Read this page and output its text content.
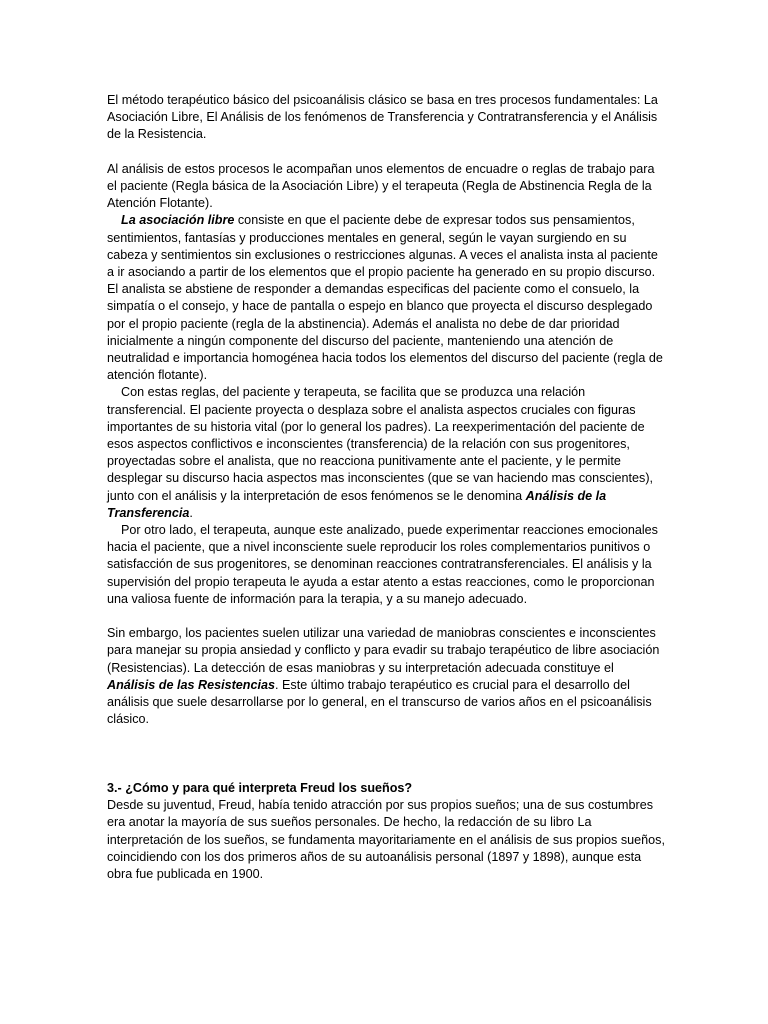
El método terapéutico básico del psicoanálisis clásico se basa en tres procesos fundamentales: La Asociación Libre, El Análisis de los fenómenos de Transferencia y Contratransferencia y el Análisis de la Resistencia.

Al análisis de estos procesos le acompañan unos elementos de encuadre o reglas de trabajo para el paciente (Regla básica de la Asociación Libre) y el terapeuta (Regla de Abstinencia Regla de la Atención Flotante).

La asociación libre consiste en que el paciente debe de expresar todos sus pensamientos, sentimientos, fantasías y producciones mentales en general, según le vayan surgiendo en su cabeza y sentimientos sin exclusiones o restricciones algunas. A veces el analista insta al paciente a ir asociando a partir de los elementos que el propio paciente ha generado en su propio discurso. El analista se abstiene de responder a demandas especificas del paciente como el consuelo, la simpatía o el consejo, y hace de pantalla o espejo en blanco que proyecta el discurso desplegado por el propio paciente (regla de la abstinencia). Además el analista no debe de dar prioridad inicialmente a ningún componente del discurso del paciente, manteniendo una atención de neutralidad e importancia homogénea hacia todos los elementos del discurso del paciente (regla de atención flotante).

Con estas reglas, del paciente y terapeuta, se facilita que se produzca una relación transferencial. El paciente proyecta o desplaza sobre el analista aspectos cruciales con figuras importantes de su historia vital (por lo general los padres). La reexperimentación del paciente de esos aspectos conflictivos e inconscientes (transferencia) de la relación con sus progenitores, proyectadas sobre el analista, que no reacciona punitivamente ante el paciente, y le permite desplegar su discurso hacia aspectos mas inconscientes (que se van haciendo mas conscientes), junto con el análisis y la interpretación de esos fenómenos se le denomina Análisis de la Transferencia.

Por otro lado, el terapeuta, aunque este analizado, puede experimentar reacciones emocionales hacia el paciente, que a nivel inconsciente suele reproducir los roles complementarios punitivos o satisfacción de sus progenitores, se denominan reacciones contratransferenciales. El análisis y la supervisión del propio terapeuta le ayuda a estar atento a estas reacciones, como le proporcionan una valiosa fuente de información para la terapia, y a su manejo adecuado.

Sin embargo, los pacientes suelen utilizar una variedad de maniobras conscientes e inconscientes para manejar su propia ansiedad y conflicto y para evadir su trabajo terapéutico de libre asociación (Resistencias). La detección de esas maniobras y su interpretación adecuada constituye el Análisis de las Resistencias. Este último trabajo terapéutico es crucial para el desarrollo del análisis que suele desarrollarse por lo general, en el transcurso de varios años en el psicoanálisis clásico.

3.- ¿Cómo y para qué interpreta Freud los sueños?

Desde su juventud, Freud, había tenido atracción por sus propios sueños; una de sus costumbres era anotar la mayoría de sus sueños personales. De hecho, la redacción de su libro La interpretación de los sueños, se fundamenta mayoritariamente en el análisis de sus propios sueños, coincidiendo con los dos primeros años de su autoanálisis personal (1897 y 1898), aunque esta obra fue publicada en 1900.
